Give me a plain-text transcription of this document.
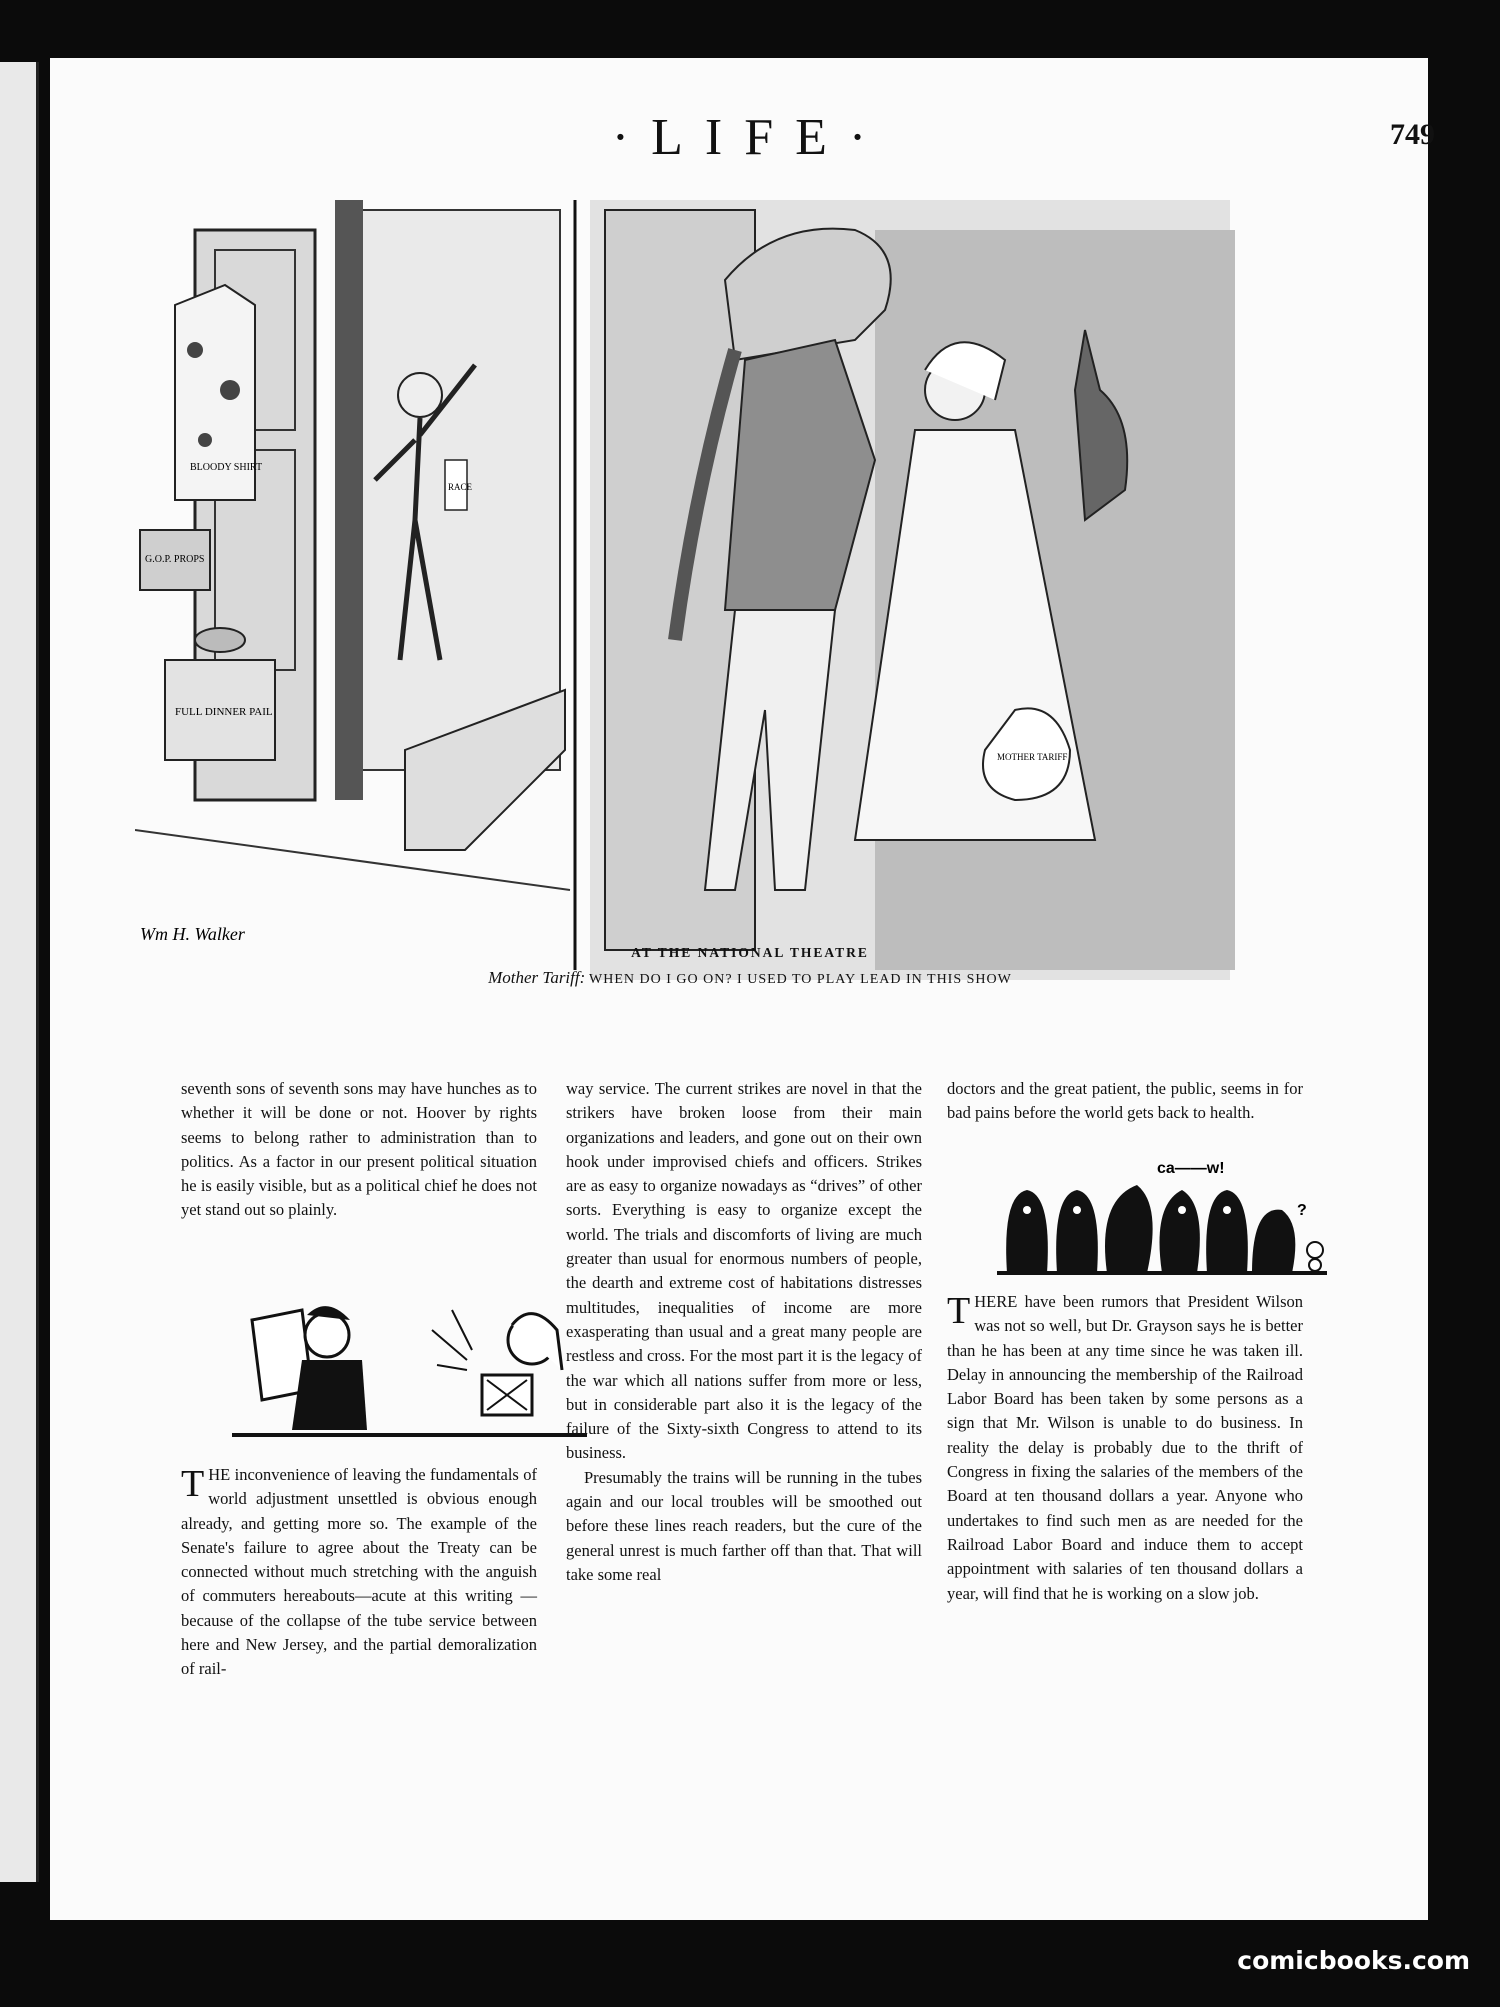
·LIFE·	749
BLOODY SHIRT
G.O.P. PROPS
FULL DINNER PAIL
RACE
Wm H. Walker
MOTHER TARIFF
AT THE NATIONAL THEATRE
Mother Tariff: WHEN DO I GO ON? I USED TO PLAY LEAD IN THIS SHOW

seventh sons of seventh sons may have hunches as to whether it will be done or not. Hoover by rights seems to belong rather to administration than to politics. As a factor in our present political situation he is easily visible, but as a political chief he does not yet stand out so plainly.

THE inconvenience of leaving the fundamentals of world adjustment unsettled is obvious enough already, and getting more so. The example of the Senate's failure to agree about the Treaty can be connected without much stretching with the anguish of commuters hereabouts—acute at this writing —because of the collapse of the tube service between here and New Jersey, and the partial demoralization of rail-

way service. The current strikes are novel in that the strikers have broken loose from their main organizations and leaders, and gone out on their own hook under improvised chiefs and officers. Strikes are as easy to organize nowadays as “drives” of other sorts. Everything is easy to organize except the world. The trials and discomforts of living are much greater than usual for enormous numbers of people, the dearth and extreme cost of habitations distresses multitudes, inequalities of income are more exasperating than usual and a great many people are restless and cross. For the most part it is the legacy of the war which all nations suffer from more or less, but in considerable part also it is the legacy of the failure of the Sixty-sixth Congress to attend to its business.

Presumably the trains will be running in the tubes again and our local troubles will be smoothed out before these lines reach readers, but the cure of the general unrest is much farther off than that. That will take some real

doctors and the great patient, the public, seems in for bad pains before the world gets back to health.

ca——w!
?

THERE have been rumors that President Wilson was not so well, but Dr. Grayson says he is better than he has been at any time since he was taken ill. Delay in announcing the membership of the Railroad Labor Board has been taken by some persons as a sign that Mr. Wilson is unable to do business. In reality the delay is probably due to the thrift of Congress in fixing the salaries of the members of the Board at ten thousand dollars a year. Anyone who undertakes to find such men as are needed for the Railroad Labor Board and induce them to accept appointment with salaries of ten thousand dollars a year, will find that he is working on a slow job.

comicbooks.com
